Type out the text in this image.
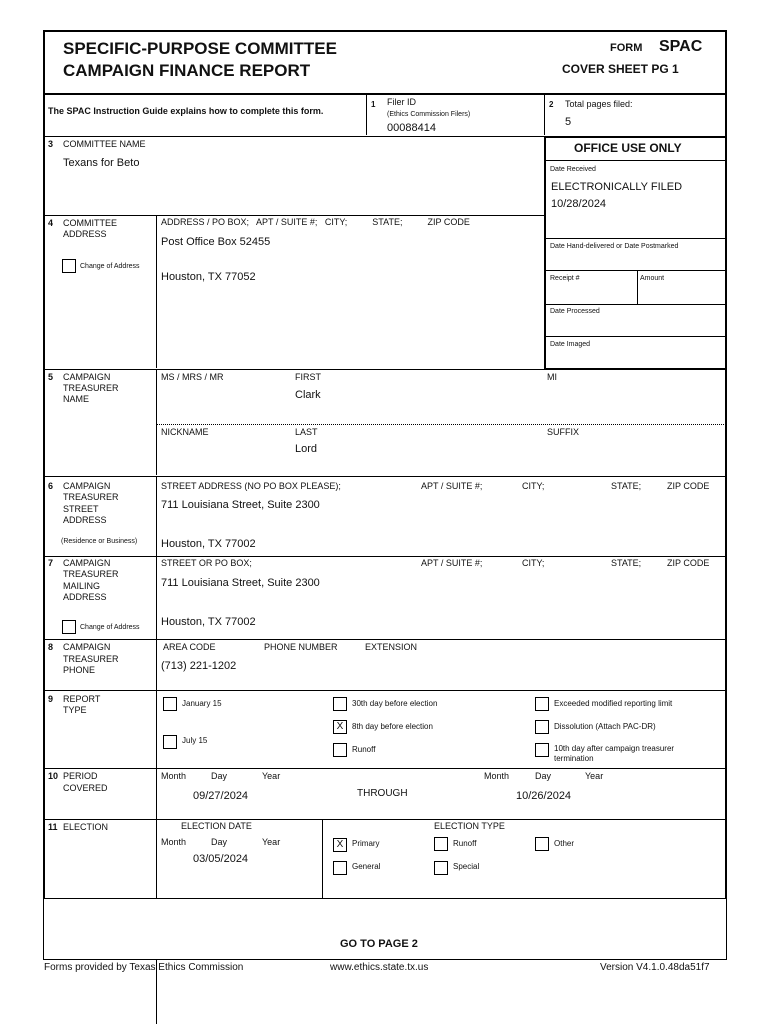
SPECIFIC-PURPOSE COMMITTEE
CAMPAIGN FINANCE REPORT
FORM SPAC
COVER SHEET PG 1
The SPAC Instruction Guide explains how to complete this form.
1 Filer ID
(Ethics Commission Filers)
00088414
2 Total pages filed:
5
OFFICE USE ONLY
Date Received
ELECTRONICALLY FILED
10/28/2024
Date Hand-delivered or Date Postmarked
Receipt #	Amount
Date Processed
Date Imaged
3 COMMITTEE NAME
Texans for Beto
4 COMMITTEE
ADDRESS
Change of Address
ADDRESS / PO BOX;   APT / SUITE #;   CITY;          STATE;          ZIP CODE
Post Office Box 52455
Houston, TX 77052
5 CAMPAIGN
TREASURER
NAME
MS / MRS / MR	FIRST
Clark
MI
NICKNAME	LAST
Lord
SUFFIX
6 CAMPAIGN
TREASURER
STREET
ADDRESS
(Residence or Business)
STREET ADDRESS (NO PO BOX PLEASE);	APT / SUITE #;	CITY;	STATE;	ZIP CODE
711 Louisiana Street, Suite 2300
Houston, TX 77002
7 CAMPAIGN
TREASURER
MAILING
ADDRESS
Change of Address
STREET OR PO BOX;	APT / SUITE #;	CITY;	STATE;	ZIP CODE
711 Louisiana Street, Suite 2300
Houston, TX 77002
8 CAMPAIGN
TREASURER
PHONE
AREA CODE	PHONE NUMBER	EXTENSION
(713) 221-1202
9 REPORT
TYPE
January 15
July 15
30th day before election
X	8th day before election
Runoff
Exceeded modified reporting limit
Dissolution (Attach PAC-DR)
10th day after campaign treasurer
termination
10 PERIOD
COVERED
Month	Day	Year
09/27/2024	THROUGH
Month	Day	Year
10/26/2024
11 ELECTION	ELECTION DATE
Month	Day	Year
03/05/2024
ELECTION TYPE
X	Primary	Runoff	Other
General	Special
GO TO PAGE 2
Forms provided by Texas Ethics Commission	www.ethics.state.tx.us	Version V4.1.0.48da51f7
